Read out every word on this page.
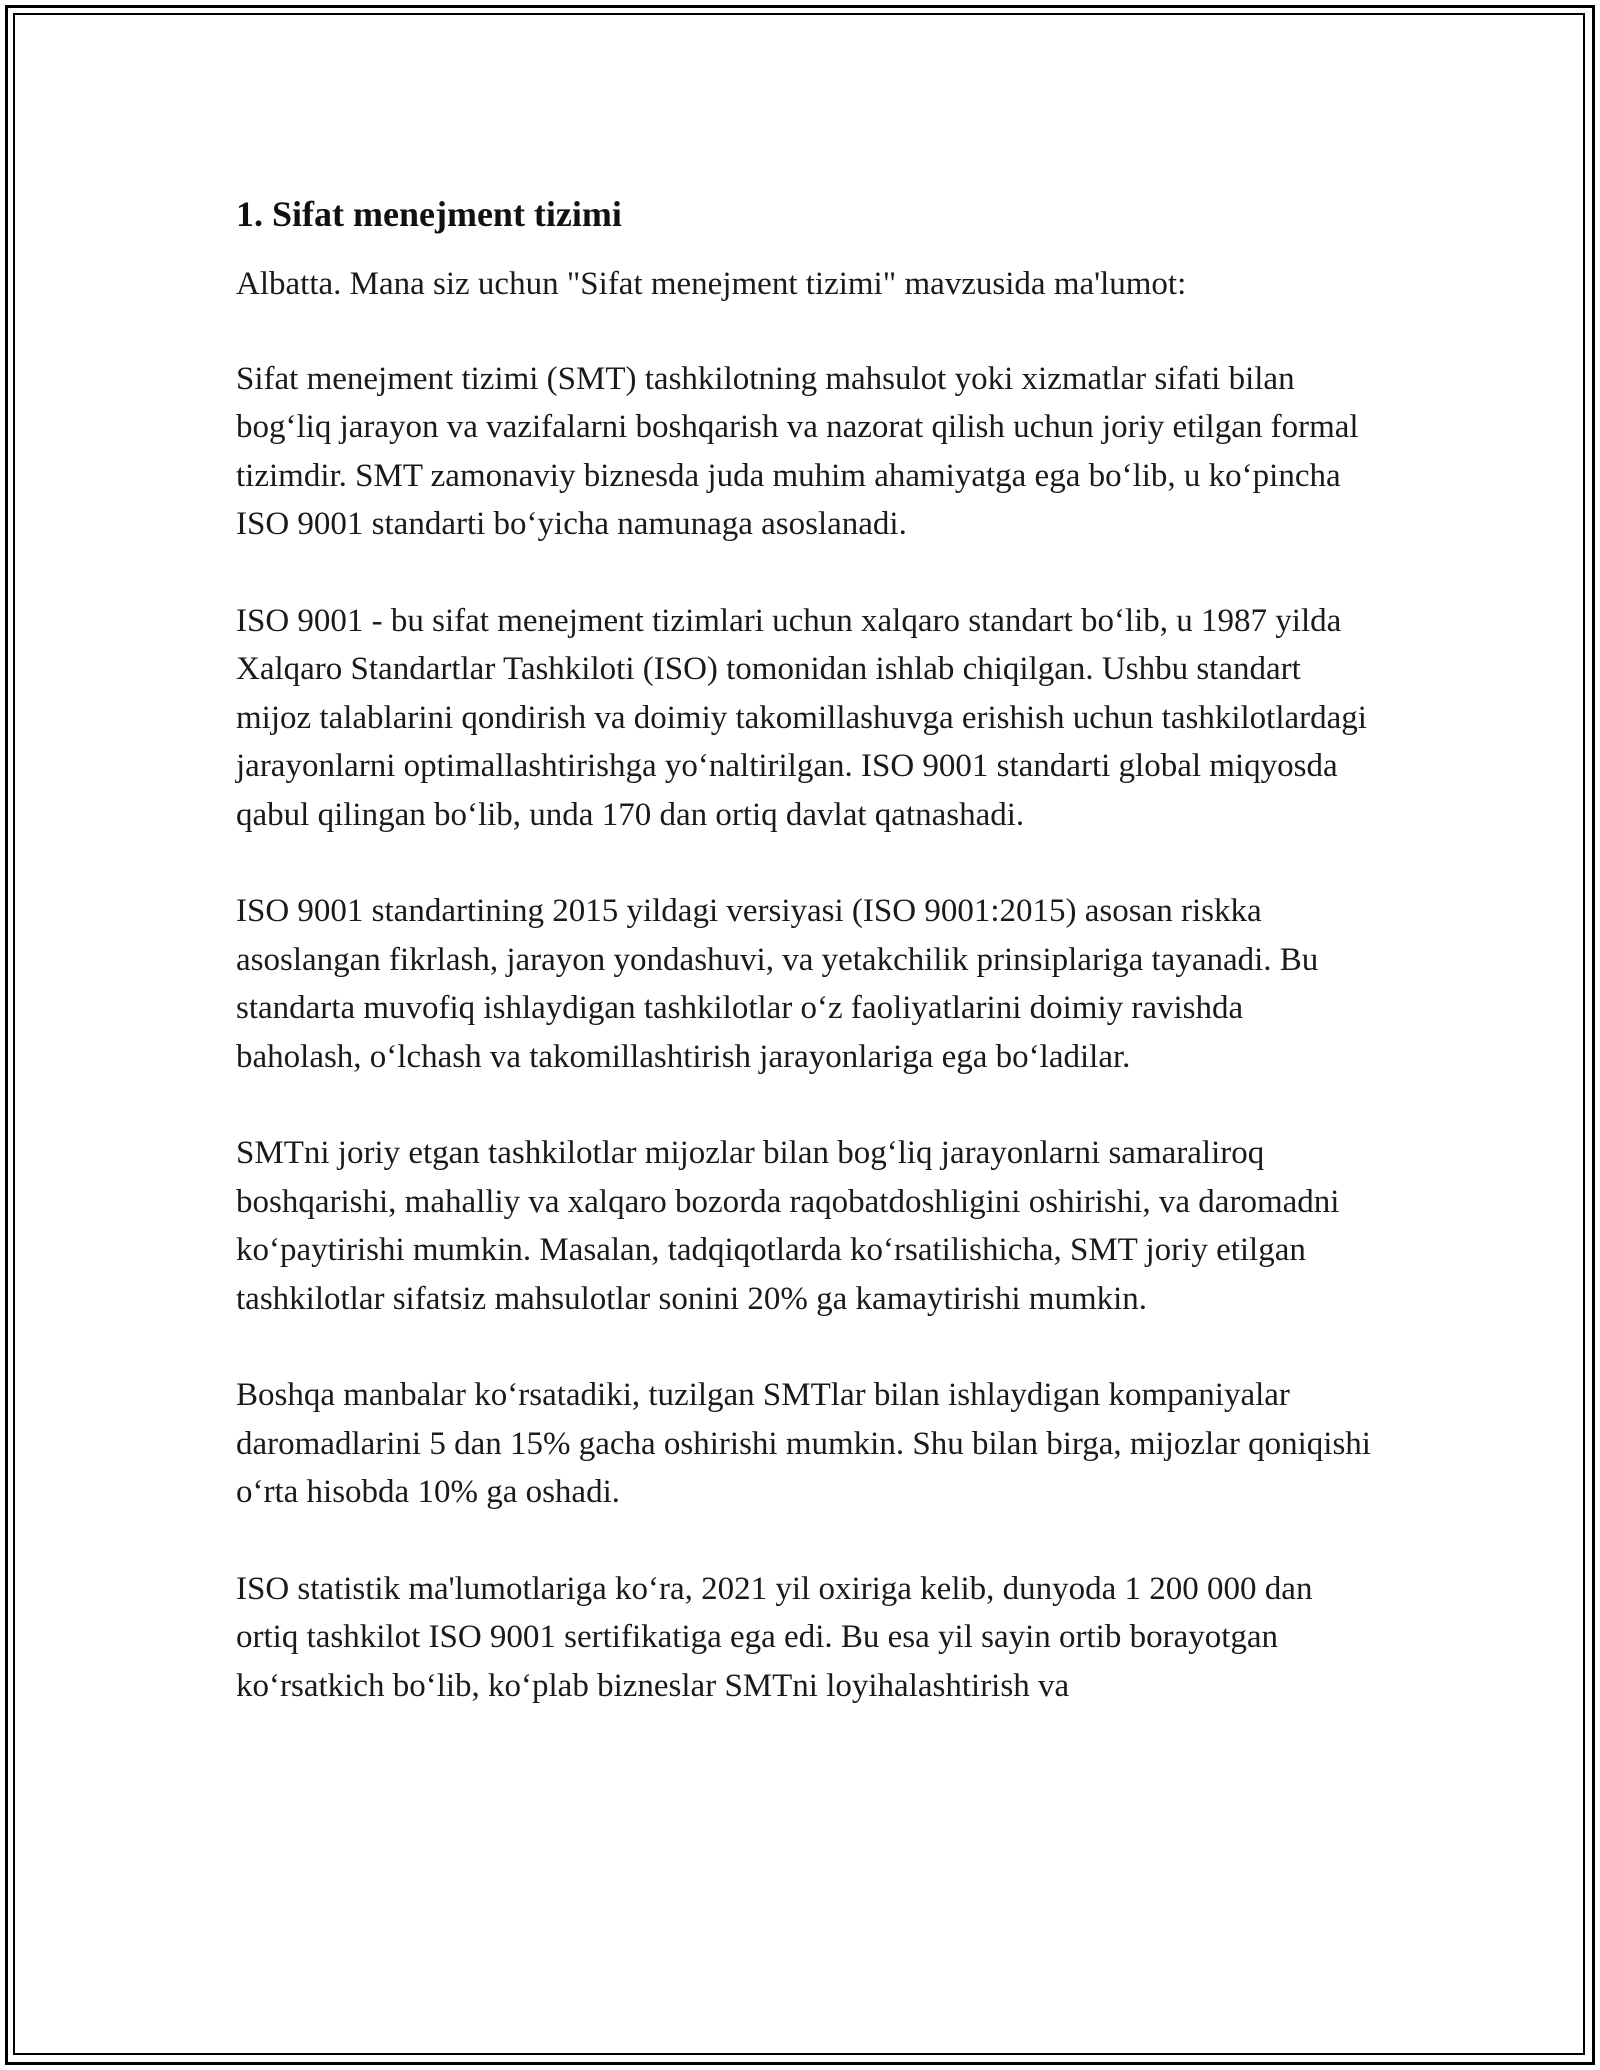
1. Sifat menejment tizimi

Albatta. Mana siz uchun "Sifat menejment tizimi" mavzusida ma'lumot:

Sifat menejment tizimi (SMT) tashkilotning mahsulot yoki xizmatlar sifati bilan bog‘liq jarayon va vazifalarni boshqarish va nazorat qilish uchun joriy etilgan formal tizimdir. SMT zamonaviy biznesda juda muhim ahamiyatga ega bo‘lib, u ko‘pincha ISO 9001 standarti bo‘yicha namunaga asoslanadi.

ISO 9001 - bu sifat menejment tizimlari uchun xalqaro standart bo‘lib, u 1987 yilda Xalqaro Standartlar Tashkiloti (ISO) tomonidan ishlab chiqilgan. Ushbu standart mijoz talablarini qondirish va doimiy takomillashuvga erishish uchun tashkilotlardagi jarayonlarni optimallashtirishga yo‘naltirilgan. ISO 9001 standarti global miqyosda qabul qilingan bo‘lib, unda 170 dan ortiq davlat qatnashadi.

ISO 9001 standartining 2015 yildagi versiyasi (ISO 9001:2015) asosan riskka asoslangan fikrlash, jarayon yondashuvi, va yetakchilik prinsiplariga tayanadi. Bu standarta muvofiq ishlaydigan tashkilotlar o‘z faoliyatlarini doimiy ravishda baholash, o‘lchash va takomillashtirish jarayonlariga ega bo‘ladilar.

SMTni joriy etgan tashkilotlar mijozlar bilan bog‘liq jarayonlarni samaraliroq boshqarishi, mahalliy va xalqaro bozorda raqobatdoshligini oshirishi, va daromadni ko‘paytirishi mumkin. Masalan, tadqiqotlarda ko‘rsatilishicha, SMT joriy etilgan tashkilotlar sifatsiz mahsulotlar sonini 20% ga kamaytirishi mumkin.

Boshqa manbalar ko‘rsatadiki, tuzilgan SMTlar bilan ishlaydigan kompaniyalar daromadlarini 5 dan 15% gacha oshirishi mumkin. Shu bilan birga, mijozlar qoniqishi o‘rta hisobda 10% ga oshadi.

ISO statistik ma'lumotlariga ko‘ra, 2021 yil oxiriga kelib, dunyoda 1 200 000 dan ortiq tashkilot ISO 9001 sertifikatiga ega edi. Bu esa yil sayin ortib borayotgan ko‘rsatkich bo‘lib, ko‘plab bizneslar SMTni loyihalashtirish va
